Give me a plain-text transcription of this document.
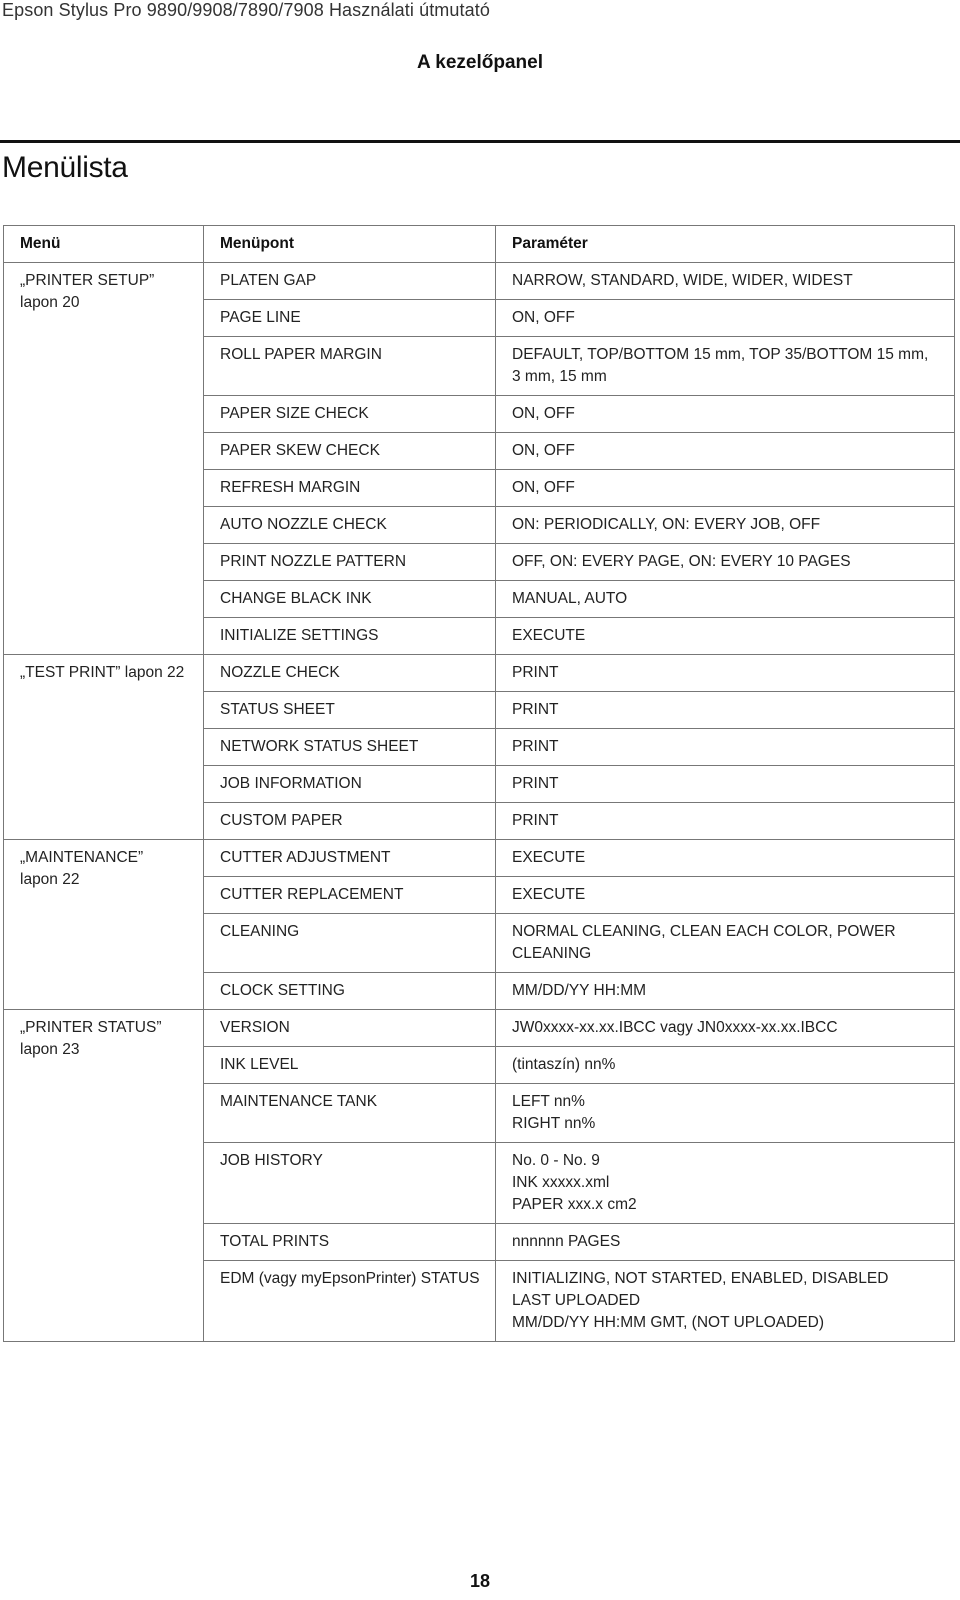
Epson Stylus Pro 9890/9908/7890/7908 Használati útmutató
A kezelőpanel
Menülista
Menü	Menüpont	Paraméter

„PRINTER SETUP”
lapon 20	PLATEN GAP	NARROW, STANDARD, WIDE, WIDER, WIDEST

	PAGE LINE	ON, OFF

	ROLL PAPER MARGIN	DEFAULT, TOP/BOTTOM 15 mm, TOP 35/BOTTOM 15 mm,
3 mm, 15 mm

	PAPER SIZE CHECK	ON, OFF

	PAPER SKEW CHECK	ON, OFF

	REFRESH MARGIN	ON, OFF

	AUTO NOZZLE CHECK	ON: PERIODICALLY, ON: EVERY JOB, OFF

	PRINT NOZZLE PATTERN	OFF, ON: EVERY PAGE, ON: EVERY 10 PAGES

	CHANGE BLACK INK	MANUAL, AUTO

	INITIALIZE SETTINGS	EXECUTE

„TEST PRINT” lapon 22	NOZZLE CHECK	PRINT

	STATUS SHEET	PRINT

	NETWORK STATUS SHEET	PRINT

	JOB INFORMATION	PRINT

	CUSTOM PAPER	PRINT

„MAINTENANCE”
lapon 22	CUTTER ADJUSTMENT	EXECUTE

	CUTTER REPLACEMENT	EXECUTE

	CLEANING	NORMAL CLEANING, CLEAN EACH COLOR, POWER
CLEANING

	CLOCK SETTING	MM/DD/YY HH:MM

„PRINTER STATUS”
lapon 23	VERSION	JW0xxxx-xx.xx.IBCC vagy JN0xxxx-xx.xx.IBCC

	INK LEVEL	(tintaszín) nn%

	MAINTENANCE TANK	LEFT nn%
RIGHT nn%

	JOB HISTORY	No. 0 - No. 9
INK xxxxx.xml
PAPER xxx.x cm2

	TOTAL PRINTS	nnnnnn PAGES

	EDM (vagy myEpsonPrinter) STATUS	INITIALIZING, NOT STARTED, ENABLED, DISABLED
LAST UPLOADED
MM/DD/YY HH:MM GMT, (NOT UPLOADED)
18
